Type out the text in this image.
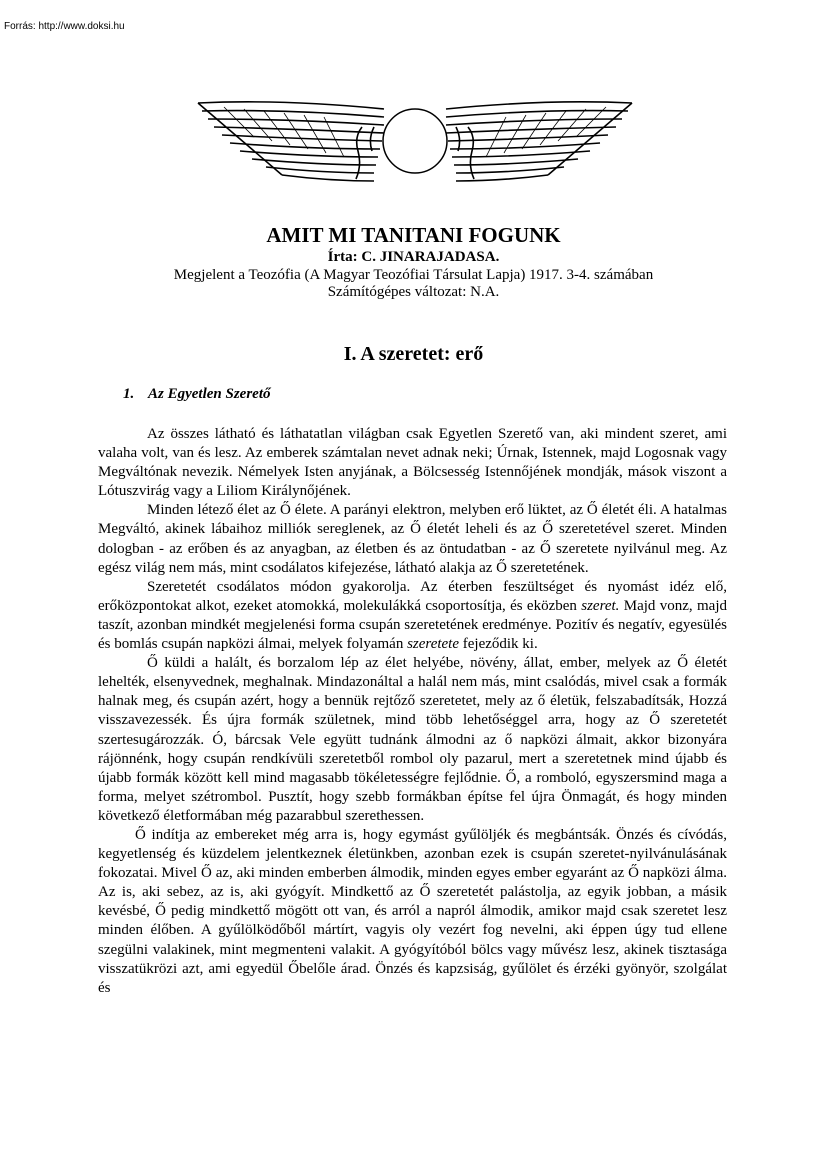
Forrás: http://www.doksi.hu
AMIT MI TANITANI FOGUNK
Írta: C. JINARAJADASA.
Megjelent a Teozófia (A Magyar Teozófiai Társulat Lapja) 1917. 3-4. számában
Számítógépes változat: N.A.
I. A szeretet: erő
1. Az Egyetlen Szerető

Az összes látható és láthatatlan világban csak Egyetlen Szerető van, aki mindent szeret, ami valaha volt, van és lesz. Az emberek számtalan nevet adnak neki; Úrnak, Istennek, majd Logosnak vagy Megváltónak nevezik. Némelyek Isten anyjának, a Bölcsesség Istennőjének mondják, mások viszont a Lótuszvirág vagy a Liliom Királynőjének.

Minden létező élet az Ő élete. A parányi elektron, melyben erő lüktet, az Ő életét éli. A hatalmas Megváltó, akinek lábaihoz milliók sereglenek, az Ő életét leheli és az Ő szeretetével szeret. Minden dologban - az erőben és az anyagban, az életben és az öntudatban - az Ő szeretete nyilvánul meg. Az egész világ nem más, mint csodálatos kifejezése, látható alakja az Ő szeretetének.

Szeretetét csodálatos módon gyakorolja. Az éterben feszültséget és nyomást idéz elő, erőközpontokat alkot, ezeket atomokká, molekulákká csoportosítja, és eközben szeret. Majd vonz, majd taszít, azonban mindkét megjelenési forma csupán szeretetének eredménye. Pozitív és negatív, egyesülés és bomlás csupán napközi álmai, melyek folyamán szeretete fejeződik ki.

Ő küldi a halált, és borzalom lép az élet helyébe, növény, állat, ember, melyek az Ő életét lehelték, elsenyvednek, meghalnak. Mindazonáltal a halál nem más, mint csalódás, mivel csak a formák halnak meg, és csupán azért, hogy a bennük rejtőző szeretetet, mely az ő életük, felszabadítsák, Hozzá visszavezessék. És újra formák születnek, mind több lehetőséggel arra, hogy az Ő szeretetét szertesugározzák. Ó, bárcsak Vele együtt tudnánk álmodni az ő napközi álmait, akkor bizonyára rájönnénk, hogy csupán rendkívüli szeretetből rombol oly pazarul, mert a szeretetnek mind újabb és újabb formák között kell mind magasabb tökéletességre fejlődnie. Ő, a romboló, egyszersmind maga a forma, melyet szétrombol. Pusztít, hogy szebb formákban építse fel újra Önmagát, és hogy minden következő életformában még pazarabbul szerethessen.

Ő indítja az embereket még arra is, hogy egymást gyűlöljék és megbántsák. Önzés és cívódás, kegyetlenség és küzdelem jelentkeznek életünkben, azonban ezek is csupán szeretet-nyilvánulásának fokozatai. Mivel Ő az, aki minden emberben álmodik, minden egyes ember egyaránt az Ő napközi álma. Az is, aki sebez, az is, aki gyógyít. Mindkettő az Ő szeretetét palástolja, az egyik jobban, a másik kevésbé, Ő pedig mindkettő mögött ott van, és arról a napról álmodik, amikor majd csak szeretet lesz minden élőben. A gyűlölködőből mártírt, vagyis oly vezért fog nevelni, aki éppen úgy tud ellene szegülni valakinek, mint megmenteni valakit. A gyógyítóból bölcs vagy művész lesz, akinek tisztasága visszatükrözi azt, ami egyedül Őbelőle árad. Önzés és kapzsiság, gyűlölet és érzéki gyönyör, szolgálat és
